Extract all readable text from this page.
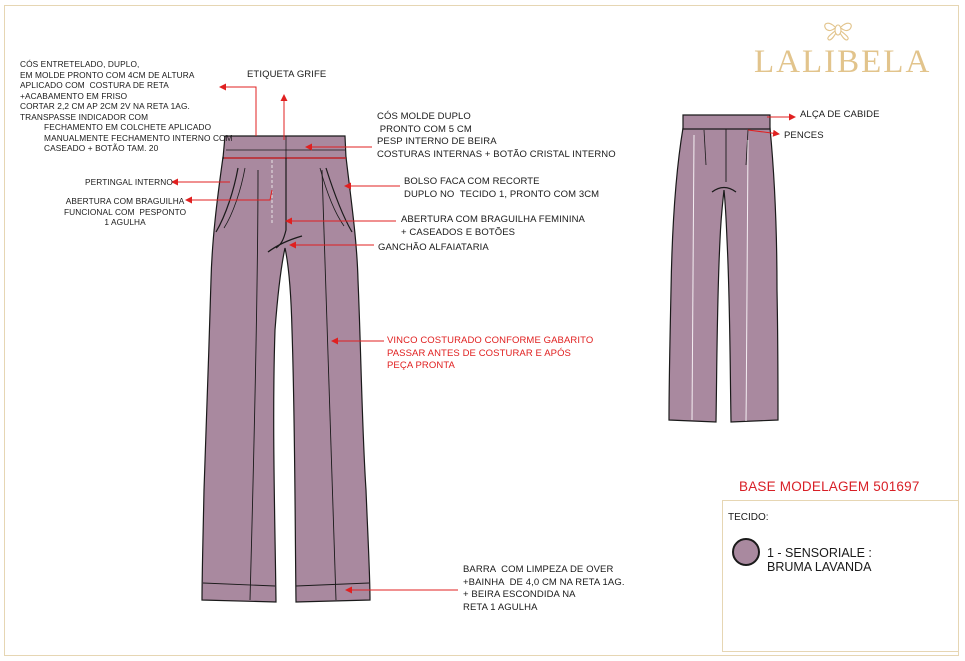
CÓS ENTRETELADO, DUPLO,
EM MOLDE PRONTO COM 4CM DE ALTURA
APLICADO COM  COSTURA DE RETA
+ACABAMENTO EM FRISO
CORTAR 2,2 CM AP 2CM 2V NA RETA 1AG.
TRANSPASSE INDICADOR COM
FECHAMENTO EM COLCHETE APLICADO
MANUALMENTE FECHAMENTO INTERNO COM
CASEADO + BOTÃO TAM. 20
ETIQUETA GRIFE
PERTINGAL INTERNO
ABERTURA COM BRAGUILHA
FUNCIONAL COM  PESPONTO
1 AGULHA
CÓS MOLDE DUPLO
PRONTO COM 5 CM
PESP INTERNO DE BEIRA
COSTURAS INTERNAS + BOTÃO CRISTAL INTERNO
BOLSO FACA COM RECORTE
DUPLO NO  TECIDO 1, PRONTO COM 3CM
ABERTURA COM BRAGUILHA FEMININA
+ CASEADOS E BOTÕES
GANCHÃO ALFAIATARIA
VINCO COSTURADO CONFORME GABARITO
PASSAR ANTES DE COSTURAR E APÓS
PEÇA PRONTA
BARRA  COM LIMPEZA DE OVER
+BAINHA  DE 4,0 CM NA RETA 1AG.
+ BEIRA ESCONDIDA NA
RETA 1 AGULHA
ALÇA DE CABIDE
PENCES
LALIBELA
BASE MODELAGEM 501697
TECIDO:
1 - SENSORIALE :
BRUMA LAVANDA
